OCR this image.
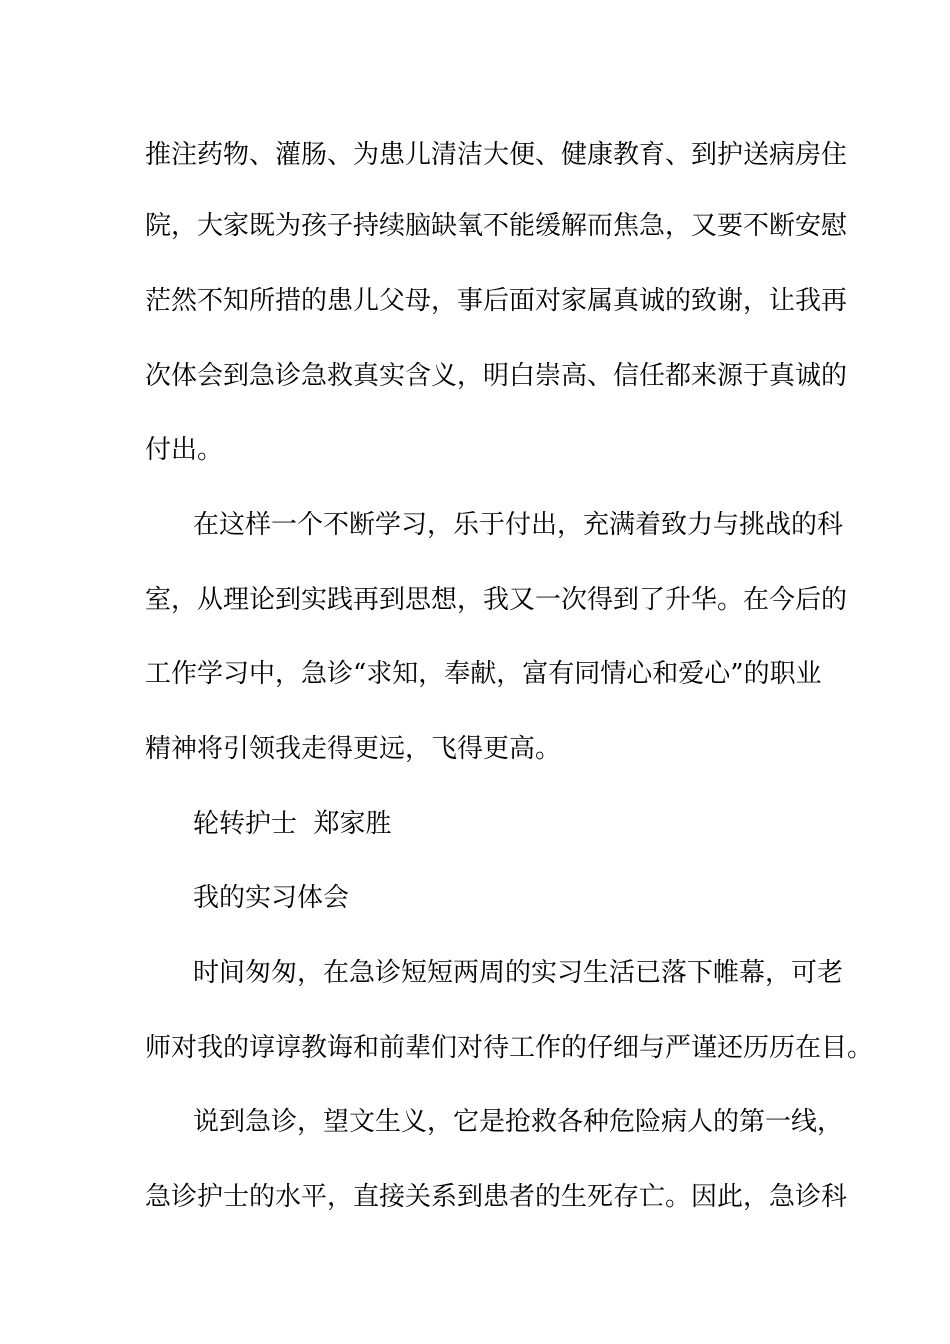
推注药物、灌肠、为患儿清洁大便、健康教育、到护送病房住
院，大家既为孩子持续脑缺氧不能缓解而焦急，又要不断安慰
茫然不知所措的患儿父母，事后面对家属真诚的致谢，让我再
次体会到急诊急救真实含义，明白崇高、信任都来源于真诚的
付出。
在这样一个不断学习，乐于付出，充满着致力与挑战的科
室，从理论到实践再到思想，我又一次得到了升华。在今后的
工作学习中，急诊“求知，奉献，富有同情心和爱心”的职业
精神将引领我走得更远，飞得更高。
轮转护士  郑家胜
我的实习体会
时间匆匆，在急诊短短两周的实习生活已落下帷幕，可老
师对我的谆谆教诲和前辈们对待工作的仔细与严谨还历历在目。
说到急诊，望文生义，它是抢救各种危险病人的第一线，
急诊护士的水平，直接关系到患者的生死存亡。因此，急诊科
